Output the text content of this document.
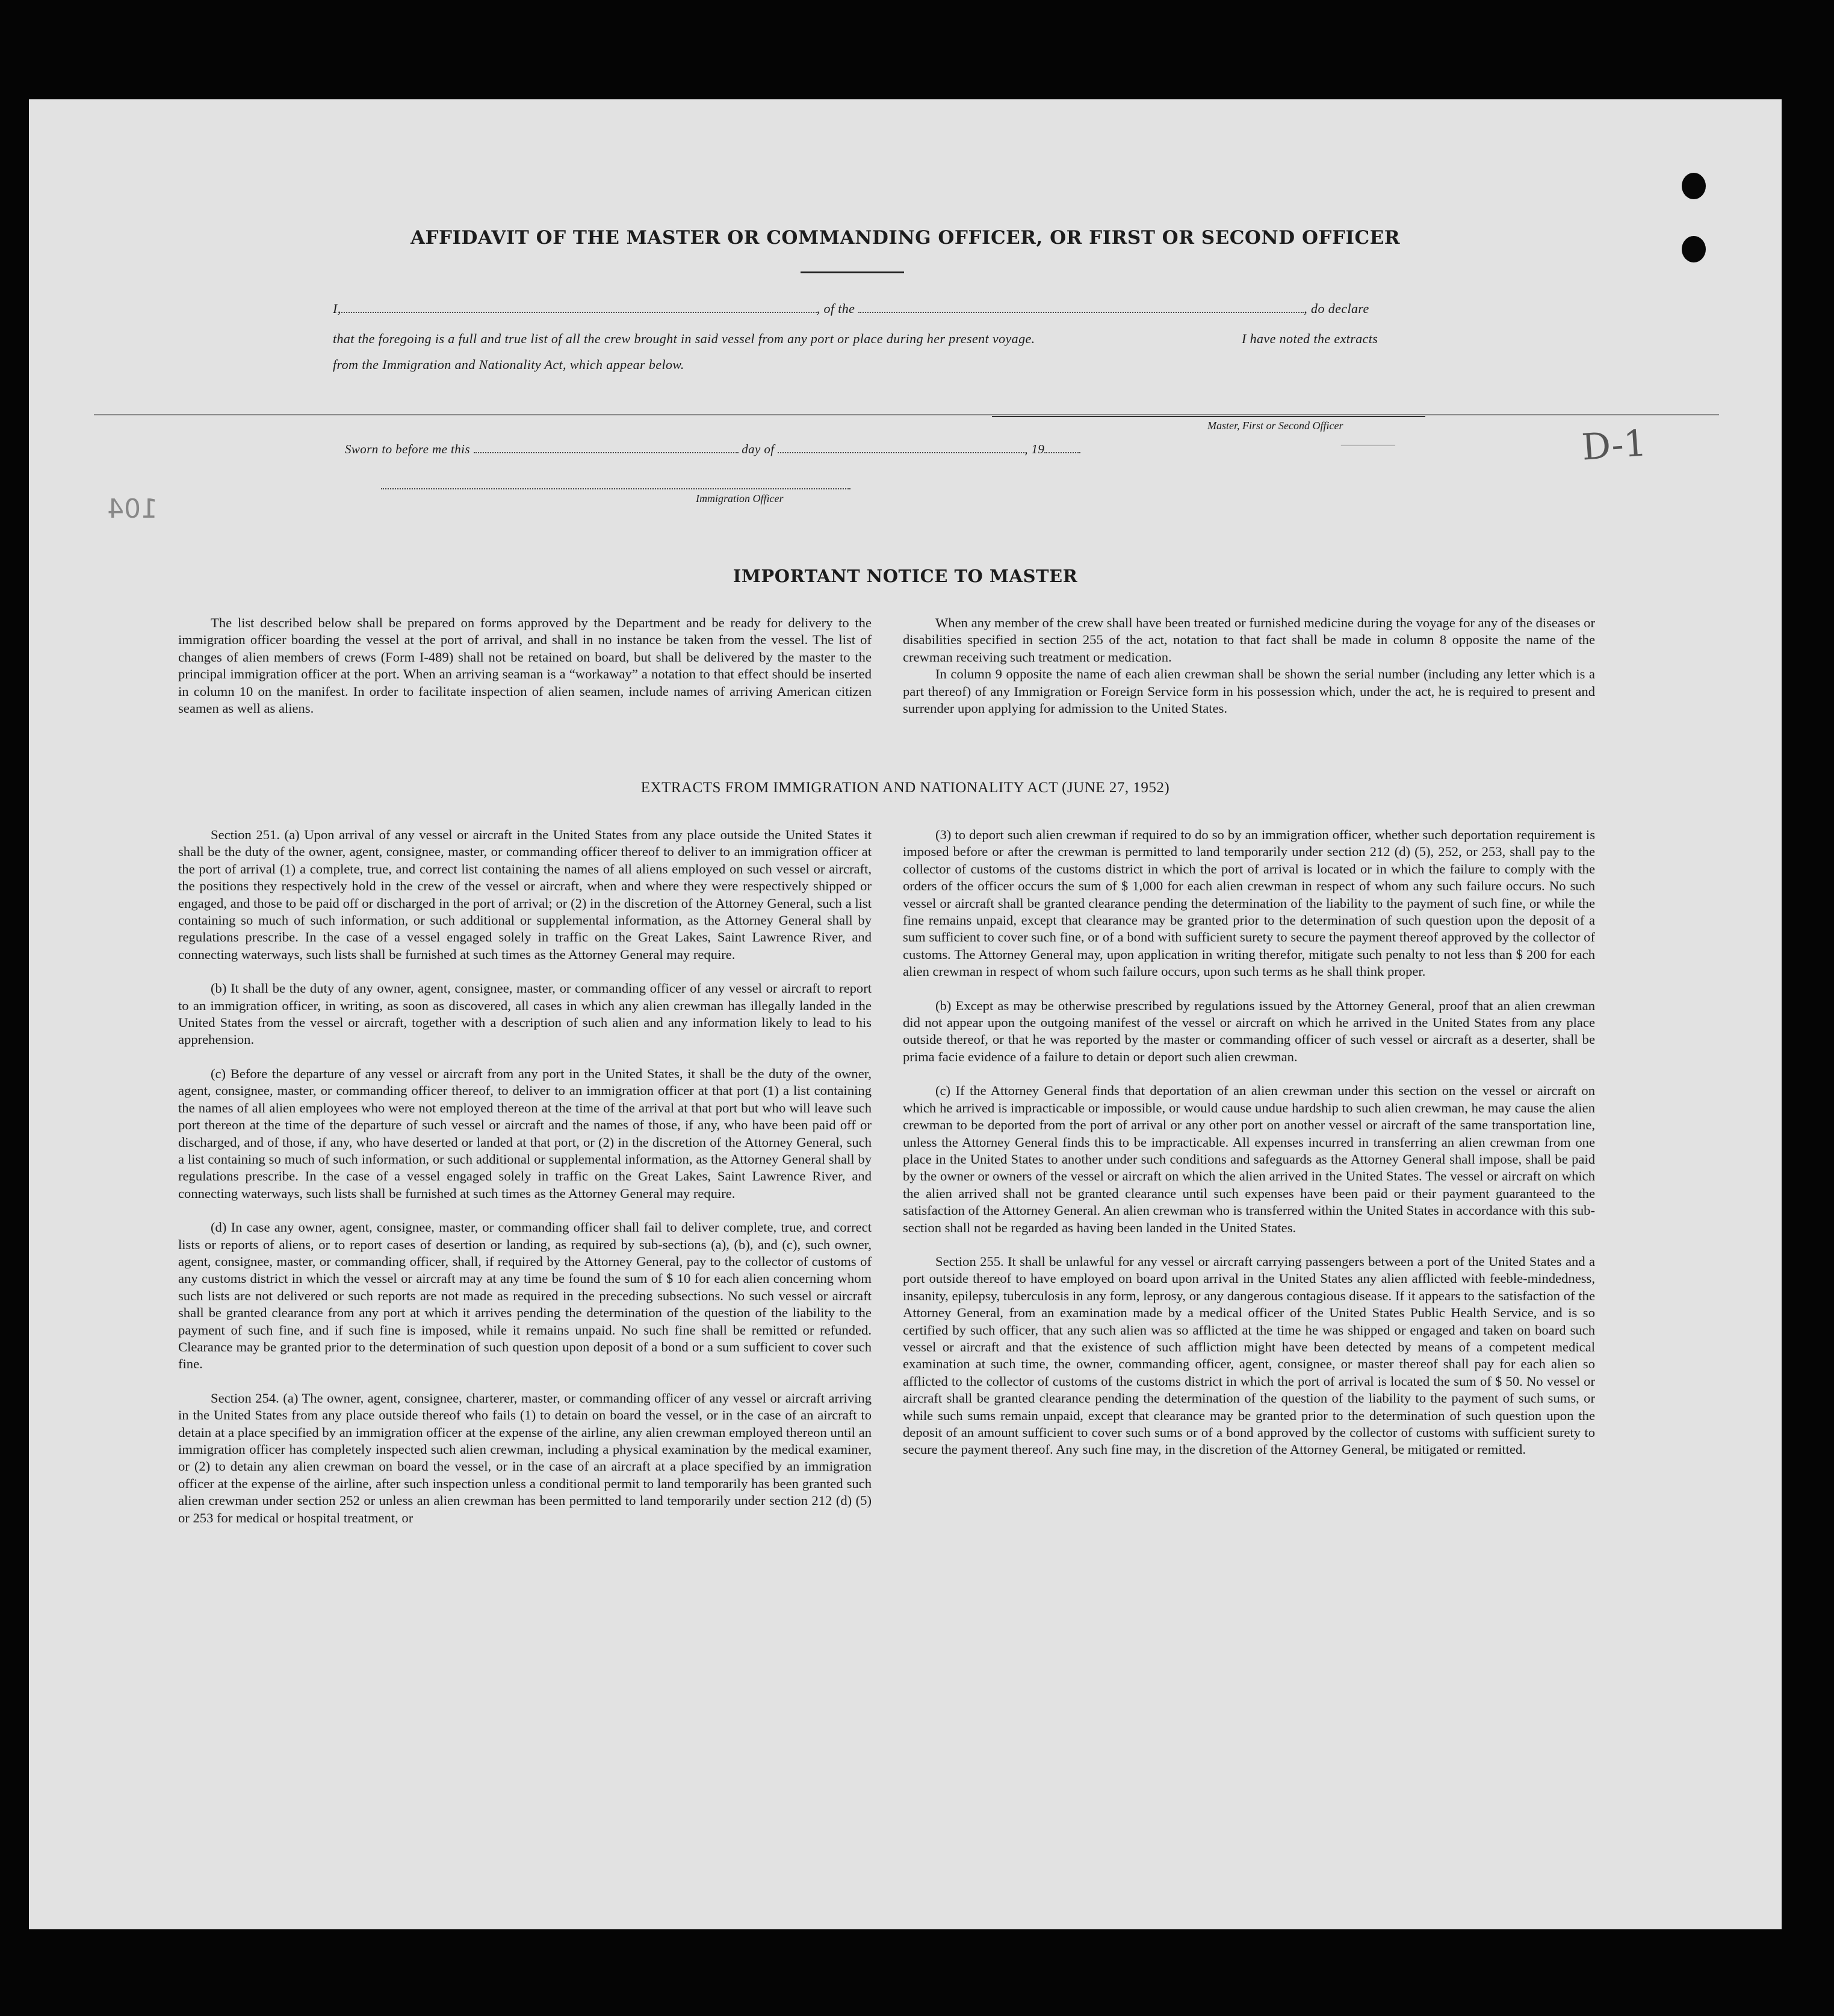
─────
AFFIDAVIT OF THE MASTER OR COMMANDING OFFICER, OR FIRST OR SECOND OFFICER
I,	, of the	, do declare
that the foregoing is a full and true list of all the crew brought in said vessel from any port or place during her present voyage.	I have noted the extracts
from the Immigration and Nationality Act, which appear below.
Master, First or Second Officer
Sworn to before me this	day of	, 19
Immigration Officer
IMPORTANT NOTICE TO MASTER

The list described below shall be prepared on forms approved by the Department and be ready for delivery to the immigration officer boarding the vessel at the port of arrival, and shall in no instance be taken from the vessel. The list of changes of alien members of crews (Form I-489) shall not be retained on board, but shall be delivered by the master to the principal immigration officer at the port. When an arriving seaman is a “workaway” a notation to that effect should be inserted in column 10 on the manifest. In order to facilitate inspection of alien seamen, include names of arriving American citizen seamen as well as aliens.

When any member of the crew shall have been treated or furnished medicine during the voyage for any of the diseases or disabilities specified in section 255 of the act, notation to that fact shall be made in column 8 opposite the name of the crewman receiving such treatment or medication.

In column 9 opposite the name of each alien crewman shall be shown the serial number (including any letter which is a part thereof) of any Immigration or Foreign Service form in his possession which, under the act, he is required to present and surrender upon applying for admission to the United States.

EXTRACTS FROM IMMIGRATION AND NATIONALITY ACT (JUNE 27, 1952)

Section 251. (a) Upon arrival of any vessel or aircraft in the United States from any place outside the United States it shall be the duty of the owner, agent, consignee, master, or commanding officer thereof to deliver to an immigration officer at the port of arrival (1) a complete, true, and correct list containing the names of all aliens employed on such vessel or aircraft, the positions they respectively hold in the crew of the vessel or aircraft, when and where they were respectively shipped or engaged, and those to be paid off or discharged in the port of arrival; or (2) in the discretion of the Attorney General, such a list containing so much of such information, or such additional or supplemental information, as the Attorney General shall by regulations prescribe. In the case of a vessel engaged solely in traffic on the Great Lakes, Saint Lawrence River, and connecting waterways, such lists shall be furnished at such times as the Attorney General may require.

(b) It shall be the duty of any owner, agent, consignee, master, or commanding officer of any vessel or aircraft to report to an immigration officer, in writing, as soon as discovered, all cases in which any alien crewman has illegally landed in the United States from the vessel or aircraft, together with a description of such alien and any information likely to lead to his apprehension.

(c) Before the departure of any vessel or aircraft from any port in the United States, it shall be the duty of the owner, agent, consignee, master, or commanding officer thereof, to deliver to an immigration officer at that port (1) a list containing the names of all alien employees who were not employed thereon at the time of the arrival at that port but who will leave such port thereon at the time of the departure of such vessel or aircraft and the names of those, if any, who have been paid off or discharged, and of those, if any, who have deserted or landed at that port, or (2) in the discretion of the Attorney General, such a list containing so much of such information, or such additional or supplemental information, as the Attorney General shall by regulations prescribe. In the case of a vessel engaged solely in traffic on the Great Lakes, Saint Lawrence River, and connecting waterways, such lists shall be furnished at such times as the Attorney General may require.

(d) In case any owner, agent, consignee, master, or commanding officer shall fail to deliver complete, true, and correct lists or reports of aliens, or to report cases of desertion or landing, as required by sub-sections (a), (b), and (c), such owner, agent, consignee, master, or commanding officer, shall, if required by the Attorney General, pay to the collector of customs of any customs district in which the vessel or aircraft may at any time be found the sum of $ 10 for each alien concerning whom such lists are not delivered or such reports are not made as required in the preceding subsections. No such vessel or aircraft shall be granted clearance from any port at which it arrives pending the determination of the question of the liability to the payment of such fine, and if such fine is imposed, while it remains unpaid. No such fine shall be remitted or refunded. Clearance may be granted prior to the determination of such question upon deposit of a bond or a sum sufficient to cover such fine.

Section 254. (a) The owner, agent, consignee, charterer, master, or commanding officer of any vessel or aircraft arriving in the United States from any place outside thereof who fails (1) to detain on board the vessel, or in the case of an aircraft to detain at a place specified by an immigration officer at the expense of the airline, any alien crewman employed thereon until an immigration officer has completely inspected such alien crewman, including a physical examination by the medical examiner, or (2) to detain any alien crewman on board the vessel, or in the case of an aircraft at a place specified by an immigration officer at the expense of the airline, after such inspection unless a conditional permit to land temporarily has been granted such alien crewman under section 252 or unless an alien crewman has been permitted to land temporarily under section 212 (d) (5) or 253 for medical or hospital treatment, or

(3) to deport such alien crewman if required to do so by an immigration officer, whether such deportation requirement is imposed before or after the crewman is permitted to land temporarily under section 212 (d) (5), 252, or 253, shall pay to the collector of customs of the customs district in which the port of arrival is located or in which the failure to comply with the orders of the officer occurs the sum of $ 1,000 for each alien crewman in respect of whom any such failure occurs. No such vessel or aircraft shall be granted clearance pending the determination of the liability to the payment of such fine, or while the fine remains unpaid, except that clearance may be granted prior to the determination of such question upon the deposit of a sum sufficient to cover such fine, or of a bond with sufficient surety to secure the payment thereof approved by the collector of customs. The Attorney General may, upon application in writing therefor, mitigate such penalty to not less than $ 200 for each alien crewman in respect of whom such failure occurs, upon such terms as he shall think proper.

(b) Except as may be otherwise prescribed by regulations issued by the Attorney General, proof that an alien crewman did not appear upon the outgoing manifest of the vessel or aircraft on which he arrived in the United States from any place outside thereof, or that he was reported by the master or commanding officer of such vessel or aircraft as a deserter, shall be prima facie evidence of a failure to detain or deport such alien crewman.

(c) If the Attorney General finds that deportation of an alien crewman under this section on the vessel or aircraft on which he arrived is impracticable or impossible, or would cause undue hardship to such alien crewman, he may cause the alien crewman to be deported from the port of arrival or any other port on another vessel or aircraft of the same transportation line, unless the Attorney General finds this to be impracticable. All expenses incurred in transferring an alien crewman from one place in the United States to another under such conditions and safeguards as the Attorney General shall impose, shall be paid by the owner or owners of the vessel or aircraft on which the alien arrived in the United States. The vessel or aircraft on which the alien arrived shall not be granted clearance until such expenses have been paid or their payment guaranteed to the satisfaction of the Attorney General. An alien crewman who is transferred within the United States in accordance with this sub-section shall not be regarded as having been landed in the United States.

Section 255. It shall be unlawful for any vessel or aircraft carrying passengers between a port of the United States and a port outside thereof to have employed on board upon arrival in the United States any alien afflicted with feeble-mindedness, insanity, epilepsy, tuberculosis in any form, leprosy, or any dangerous contagious disease. If it appears to the satisfaction of the Attorney General, from an examination made by a medical officer of the United States Public Health Service, and is so certified by such officer, that any such alien was so afflicted at the time he was shipped or engaged and taken on board such vessel or aircraft and that the existence of such affliction might have been detected by means of a competent medical examination at such time, the owner, commanding officer, agent, consignee, or master thereof shall pay for each alien so afflicted to the collector of customs of the customs district in which the port of arrival is located the sum of $ 50. No vessel or aircraft shall be granted clearance pending the determination of the question of the liability to the payment of such sums, or while such sums remain unpaid, except that clearance may be granted prior to the determination of such question upon the deposit of an amount sufficient to cover such sums or of a bond approved by the collector of customs with sufficient surety to secure the payment thereof. Any such fine may, in the discretion of the Attorney General, be mitigated or remitted.

D-1
104
